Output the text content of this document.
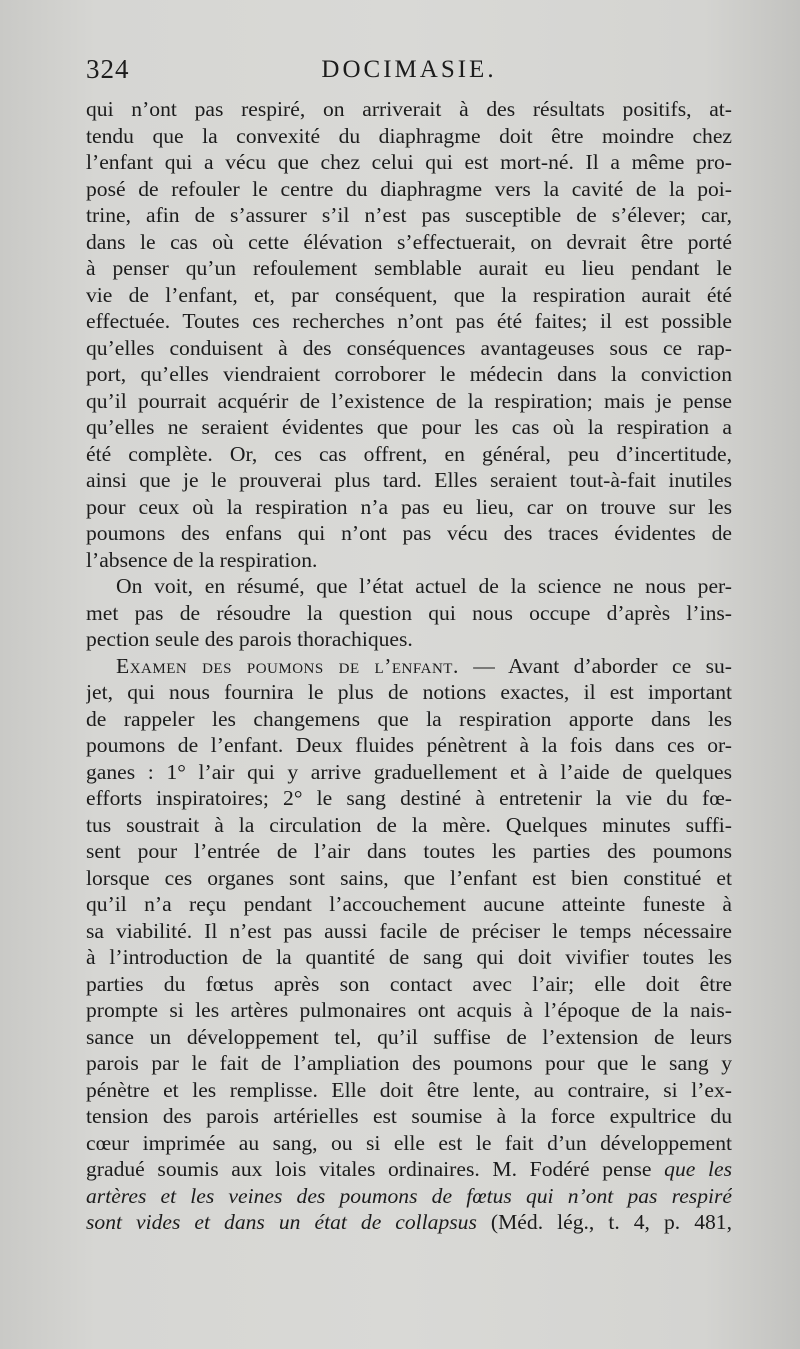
324	DOCIMASIE.
qui n’ont pas respiré, on arriverait à des résultats positifs, at-
tendu que la convexité du diaphragme doit être moindre chez
l’enfant qui a vécu que chez celui qui est mort-né. Il a même pro-
posé de refouler le centre du diaphragme vers la cavité de la poi-
trine, afin de s’assurer s’il n’est pas susceptible de s’élever; car,
dans le cas où cette élévation s’effectuerait, on devrait être porté
à penser qu’un refoulement semblable aurait eu lieu pendant le
vie de l’enfant, et, par conséquent, que la respiration aurait été
effectuée. Toutes ces recherches n’ont pas été faites; il est possible
qu’elles conduisent à des conséquences avantageuses sous ce rap-
port, qu’elles viendraient corroborer le médecin dans la conviction
qu’il pourrait acquérir de l’existence de la respiration; mais je pense
qu’elles ne seraient évidentes que pour les cas où la respiration a
été complète. Or, ces cas offrent, en général, peu d’incertitude,
ainsi que je le prouverai plus tard. Elles seraient tout-à-fait inutiles
pour ceux où la respiration n’a pas eu lieu, car on trouve sur les
poumons des enfans qui n’ont pas vécu des traces évidentes de
l’absence de la respiration.
On voit, en résumé, que l’état actuel de la science ne nous per-
met pas de résoudre la question qui nous occupe d’après l’ins-
pection seule des parois thorachiques.
Examen des poumons de l’enfant. — Avant d’aborder ce su-
jet, qui nous fournira le plus de notions exactes, il est important
de rappeler les changemens que la respiration apporte dans les
poumons de l’enfant. Deux fluides pénètrent à la fois dans ces or-
ganes : 1° l’air qui y arrive graduellement et à l’aide de quelques
efforts inspiratoires; 2° le sang destiné à entretenir la vie du fœ-
tus soustrait à la circulation de la mère. Quelques minutes suffi-
sent pour l’entrée de l’air dans toutes les parties des poumons
lorsque ces organes sont sains, que l’enfant est bien constitué et
qu’il n’a reçu pendant l’accouchement aucune atteinte funeste à
sa viabilité. Il n’est pas aussi facile de préciser le temps nécessaire
à l’introduction de la quantité de sang qui doit vivifier toutes les
parties du fœtus après son contact avec l’air; elle doit être
prompte si les artères pulmonaires ont acquis à l’époque de la nais-
sance un développement tel, qu’il suffise de l’extension de leurs
parois par le fait de l’ampliation des poumons pour que le sang y
pénètre et les remplisse. Elle doit être lente, au contraire, si l’ex-
tension des parois artérielles est soumise à la force expultrice du
cœur imprimée au sang, ou si elle est le fait d’un développement
gradué soumis aux lois vitales ordinaires. M. Fodéré pense que les
artères et les veines des poumons de fœtus qui n’ont pas respiré
sont vides et dans un état de collapsus (Méd. lég., t. 4, p. 481,
